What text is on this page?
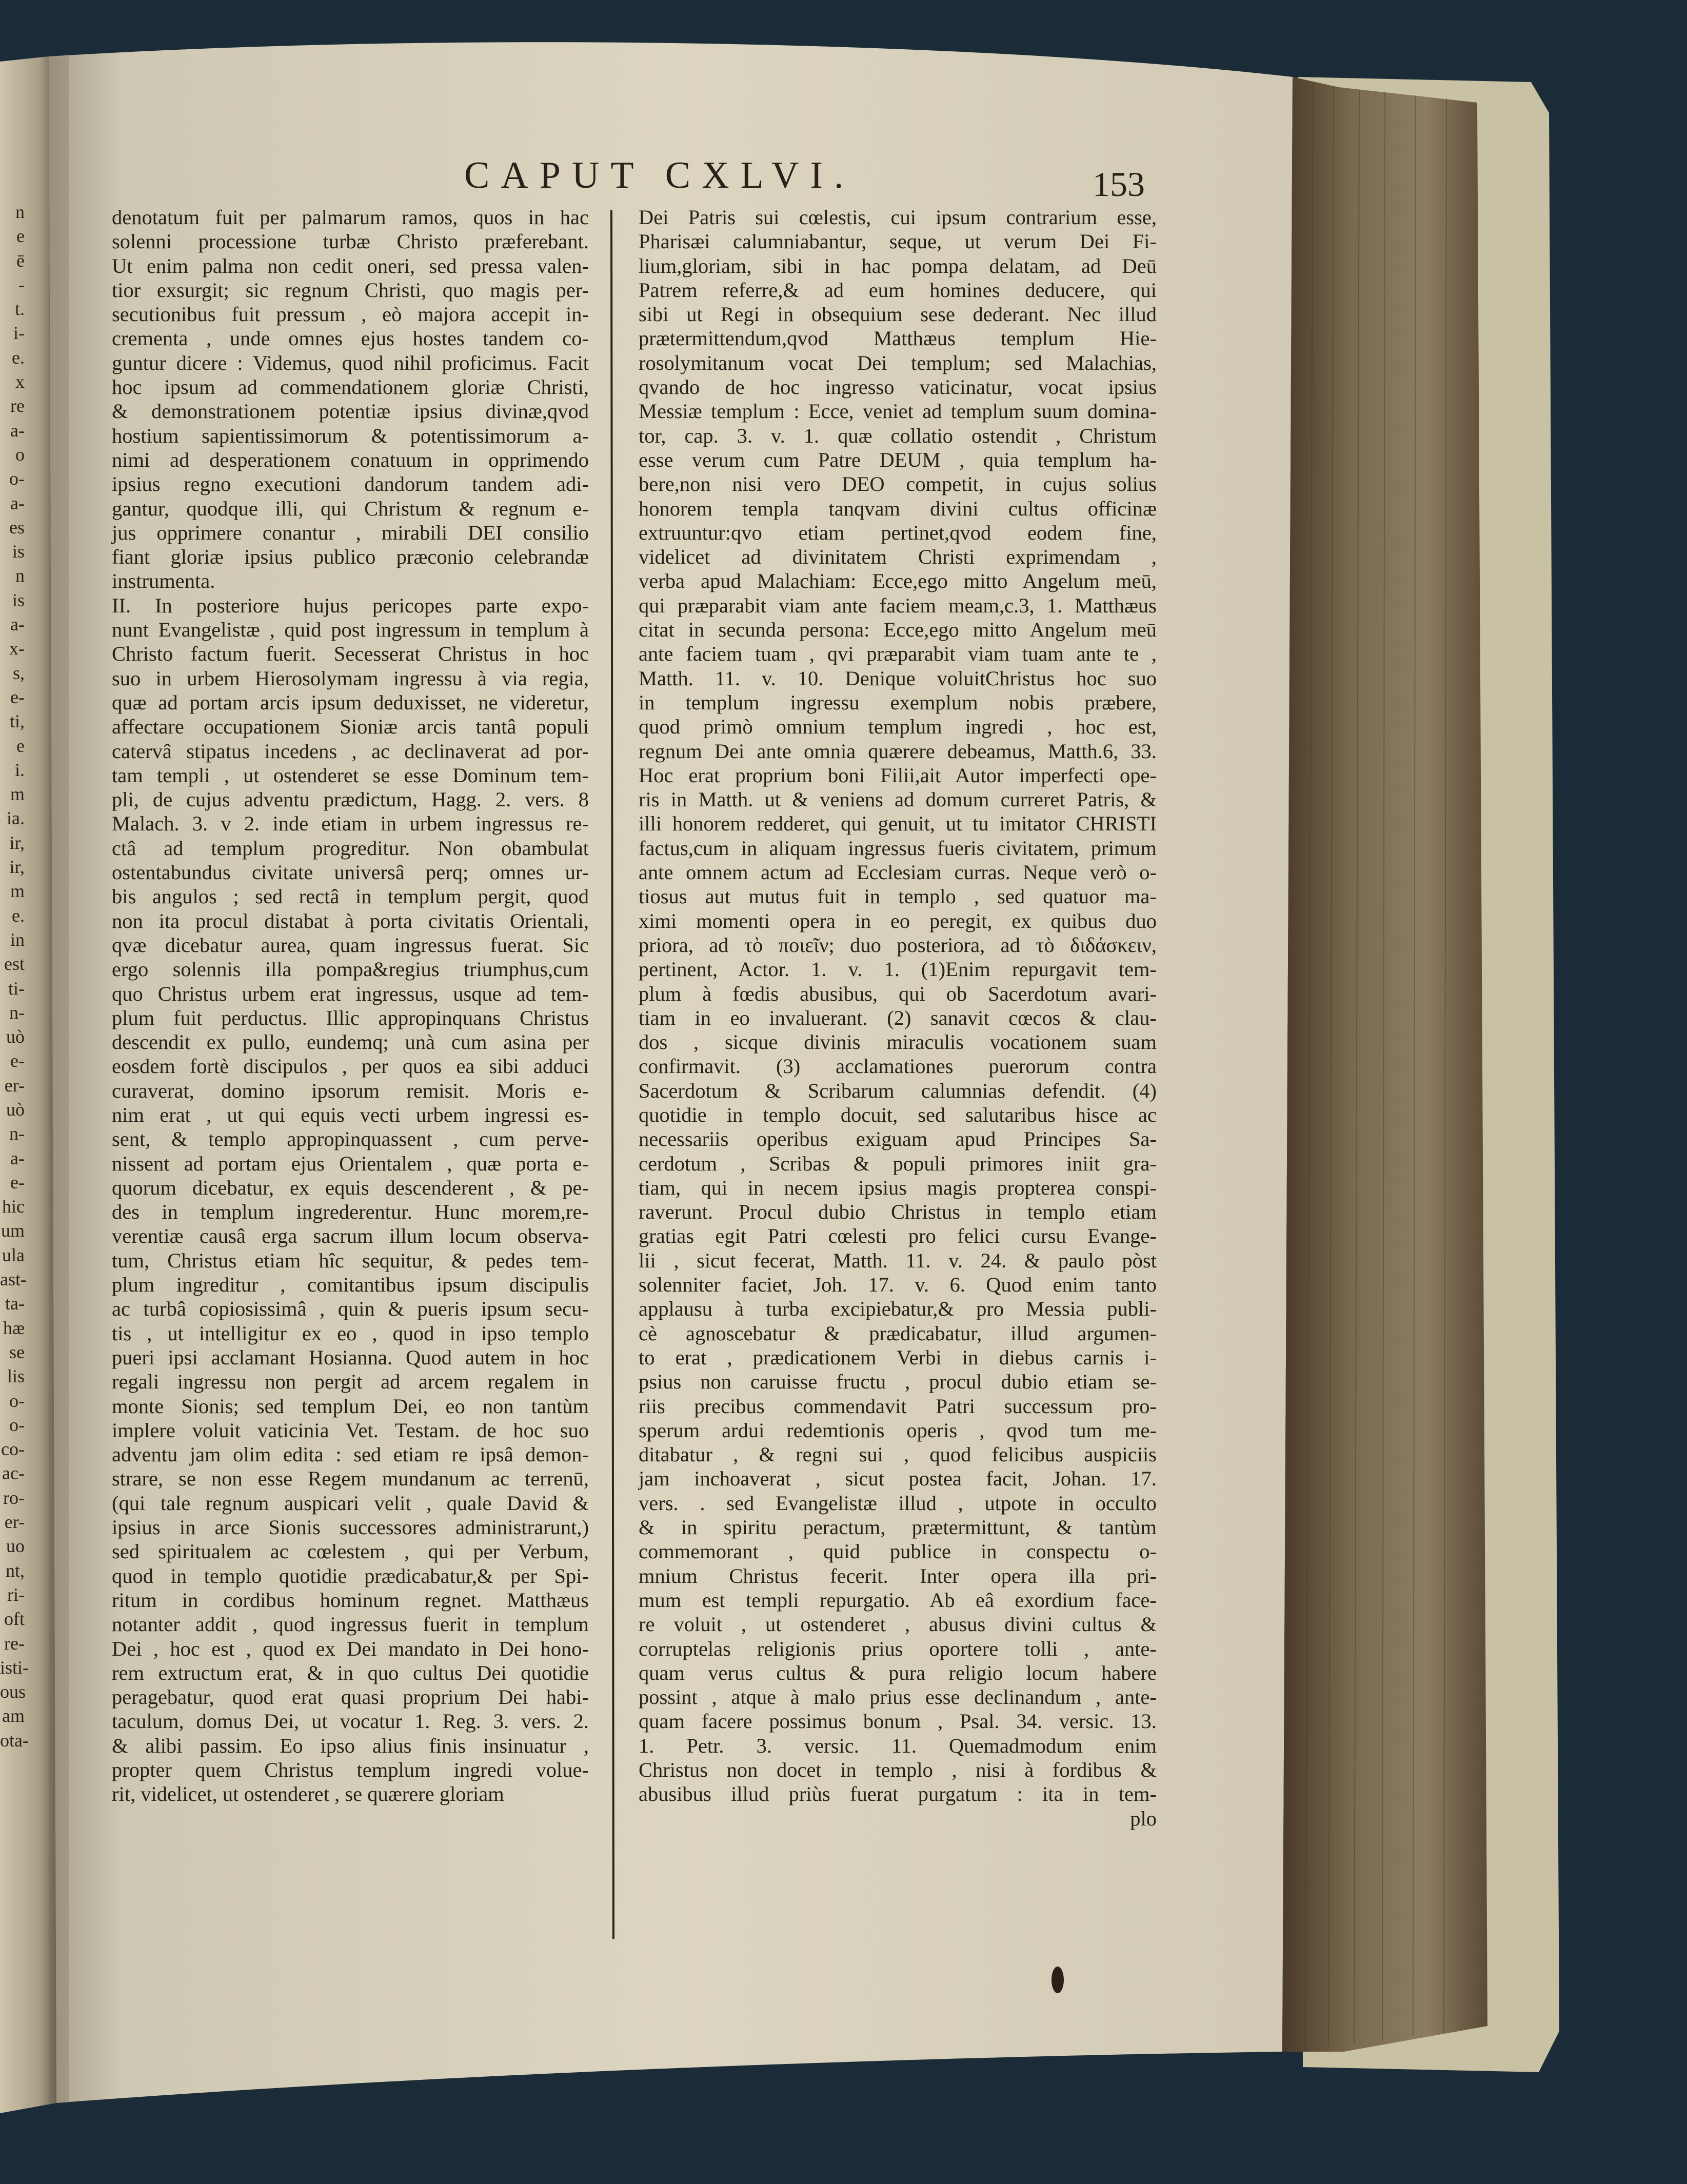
n
e
ē
-
t.
i-
e.
x
re
a-
o
o-
a-
es
is
n
is
a-
x-
s,
e-
ti,
e
i.
m
ia.
ir,
ir,
m
e.
in
est
ti-
n-
uò
e-
er-
uò
n-
a-
e-
hic
um
ula
ast-
ta-
hæ
se
lis
o-
o-
co-
ac-
ro-
er-
uo
nt,
ri-
oft
re-
isti-
ous
am
ota-
CAPUT CXLVI.	153
denotatum fuit per palmarum ramos, quos in hac
solenni processione turbæ Christo præferebant.
Ut enim palma non cedit oneri, sed pressa valen-
tior exsurgit; sic regnum Christi, quo magis per-
secutionibus fuit pressum , eò majora accepit in-
crementa , unde omnes ejus hostes tandem co-
guntur dicere : Videmus, quod nihil proficimus. Facit
hoc ipsum ad commendationem gloriæ Christi,
& demonstrationem potentiæ ipsius divinæ,qvod
hostium sapientissimorum & potentissimorum a-
nimi ad desperationem conatuum in opprimendo
ipsius regno executioni dandorum tandem adi-
gantur, quodque illi, qui Christum & regnum e-
jus opprimere conantur , mirabili DEI consilio
fiant gloriæ ipsius publico præconio celebrandæ
instrumenta.
II. In posteriore hujus pericopes parte expo-
nunt Evangelistæ , quid post ingressum in templum à
Christo factum fuerit. Secesserat Christus in hoc
suo in urbem Hierosolymam ingressu à via regia,
quæ ad portam arcis ipsum deduxisset, ne videretur,
affectare occupationem Sioniæ arcis tantâ populi
catervâ stipatus incedens , ac declinaverat ad por-
tam templi , ut ostenderet se esse Dominum tem-
pli, de cujus adventu prædictum, Hagg. 2. vers. 8
Malach. 3. v 2. inde etiam in urbem ingressus re-
ctâ ad templum progreditur. Non obambulat
ostentabundus civitate universâ perq; omnes ur-
bis angulos ; sed rectâ in templum pergit, quod
non ita procul distabat à porta civitatis Orientali,
qvæ dicebatur aurea, quam ingressus fuerat. Sic
ergo solennis illa pompa&regius triumphus,cum
quo Christus urbem erat ingressus, usque ad tem-
plum fuit perductus. Illic appropinquans Christus
descendit ex pullo, eundemq; unà cum asina per
eosdem fortè discipulos , per quos ea sibi adduci
curaverat, domino ipsorum remisit. Moris e-
nim erat , ut qui equis vecti urbem ingressi es-
sent, & templo appropinquassent , cum perve-
nissent ad portam ejus Orientalem , quæ porta e-
quorum dicebatur, ex equis descenderent , & pe-
des in templum ingrederentur. Hunc morem,re-
verentiæ causâ erga sacrum illum locum observa-
tum, Christus etiam hîc sequitur, & pedes tem-
plum ingreditur , comitantibus ipsum discipulis
ac turbâ copiosissimâ , quin & pueris ipsum secu-
tis , ut intelligitur ex eo , quod in ipso templo
pueri ipsi acclamant Hosianna. Quod autem in hoc
regali ingressu non pergit ad arcem regalem in
monte Sionis; sed templum Dei, eo non tantùm
implere voluit vaticinia Vet. Testam. de hoc suo
adventu jam olim edita : sed etiam re ipsâ demon-
strare, se non esse Regem mundanum ac terrenū,
(qui tale regnum auspicari velit , quale David &
ipsius in arce Sionis successores administrarunt,)
sed spiritualem ac cœlestem , qui per Verbum,
quod in templo quotidie prædicabatur,& per Spi-
ritum in cordibus hominum regnet. Matthæus
notanter addit , quod ingressus fuerit in templum
Dei , hoc est , quod ex Dei mandato in Dei hono-
rem extructum erat, & in quo cultus Dei quotidie
peragebatur, quod erat quasi proprium Dei habi-
taculum, domus Dei, ut vocatur 1. Reg. 3. vers. 2.
& alibi passim. Eo ipso alius finis insinuatur ,
propter quem Christus templum ingredi volue-
rit, videlicet, ut ostenderet , se quærere gloriam
Dei Patris sui cœlestis, cui ipsum contrarium esse,
Pharisæi calumniabantur, seque, ut verum Dei Fi-
lium,gloriam, sibi in hac pompa delatam, ad Deū
Patrem referre,& ad eum homines deducere, qui
sibi ut Regi in obsequium sese dederant. Nec illud
prætermittendum,qvod Matthæus templum Hie-
rosolymitanum vocat Dei templum; sed Malachias,
qvando de hoc ingresso vaticinatur, vocat ipsius
Messiæ templum : Ecce, veniet ad templum suum domina-
tor, cap. 3. v. 1. quæ collatio ostendit , Christum
esse verum cum Patre DEUM , quia templum ha-
bere,non nisi vero DEO competit, in cujus solius
honorem templa tanqvam divini cultus officinæ
extruuntur:qvo etiam pertinet,qvod eodem fine,
videlicet ad divinitatem Christi exprimendam ,
verba apud Malachiam: Ecce,ego mitto Angelum meū,
qui præparabit viam ante faciem meam,c.3, 1. Matthæus
citat in secunda persona: Ecce,ego mitto Angelum meū
ante faciem tuam , qvi præparabit viam tuam ante te ,
Matth. 11. v. 10. Denique voluitChristus hoc suo
in templum ingressu exemplum nobis præbere,
quod primò omnium templum ingredi , hoc est,
regnum Dei ante omnia quærere debeamus, Matth.6, 33.
Hoc erat proprium boni Filii,ait Autor imperfecti ope-
ris in Matth. ut & veniens ad domum curreret Patris, &
illi honorem redderet, qui genuit, ut tu imitator CHRISTI
factus,cum in aliquam ingressus fueris civitatem, primum
ante omnem actum ad Ecclesiam curras. Neque verò o-
tiosus aut mutus fuit in templo , sed quatuor ma-
ximi momenti opera in eo peregit, ex quibus duo
priora, ad τὸ ποιεῖν; duo posteriora, ad τὸ διδάσκειν,
pertinent, Actor. 1. v. 1. (1)Enim repurgavit tem-
plum à fœdis abusibus, qui ob Sacerdotum avari-
tiam in eo invaluerant. (2) sanavit cœcos & clau-
dos , sicque divinis miraculis vocationem suam
confirmavit. (3) acclamationes puerorum contra
Sacerdotum & Scribarum calumnias defendit. (4)
quotidie in templo docuit, sed salutaribus hisce ac
necessariis operibus exiguam apud Principes Sa-
cerdotum , Scribas & populi primores iniit gra-
tiam, qui in necem ipsius magis propterea conspi-
raverunt. Procul dubio Christus in templo etiam
gratias egit Patri cœlesti pro felici cursu Evange-
lii , sicut fecerat, Matth. 11. v. 24. & paulo pòst
solenniter faciet, Joh. 17. v. 6. Quod enim tanto
applausu à turba excipiebatur,& pro Messia publi-
cè agnoscebatur & prædicabatur, illud argumen-
to erat , prædicationem Verbi in diebus carnis i-
psius non caruisse fructu , procul dubio etiam se-
riis precibus commendavit Patri successum pro-
sperum ardui redemtionis operis , qvod tum me-
ditabatur , & regni sui , quod felicibus auspiciis
jam inchoaverat , sicut postea facit, Johan. 17.
vers. . sed Evangelistæ illud , utpote in occulto
& in spiritu peractum, prætermittunt, & tantùm
commemorant , quid publice in conspectu o-
mnium Christus fecerit. Inter opera illa pri-
mum est templi repurgatio. Ab eâ exordium face-
re voluit , ut ostenderet , abusus divini cultus &
corruptelas religionis prius oportere tolli , ante-
quam verus cultus & pura religio locum habere
possint , atque à malo prius esse declinandum , ante-
quam facere possimus bonum , Psal. 34. versic. 13.
1. Petr. 3. versic. 11. Quemadmodum enim
Christus non docet in templo , nisi à fordibus &
abusibus illud priùs fuerat purgatum : ita in tem-
plo
